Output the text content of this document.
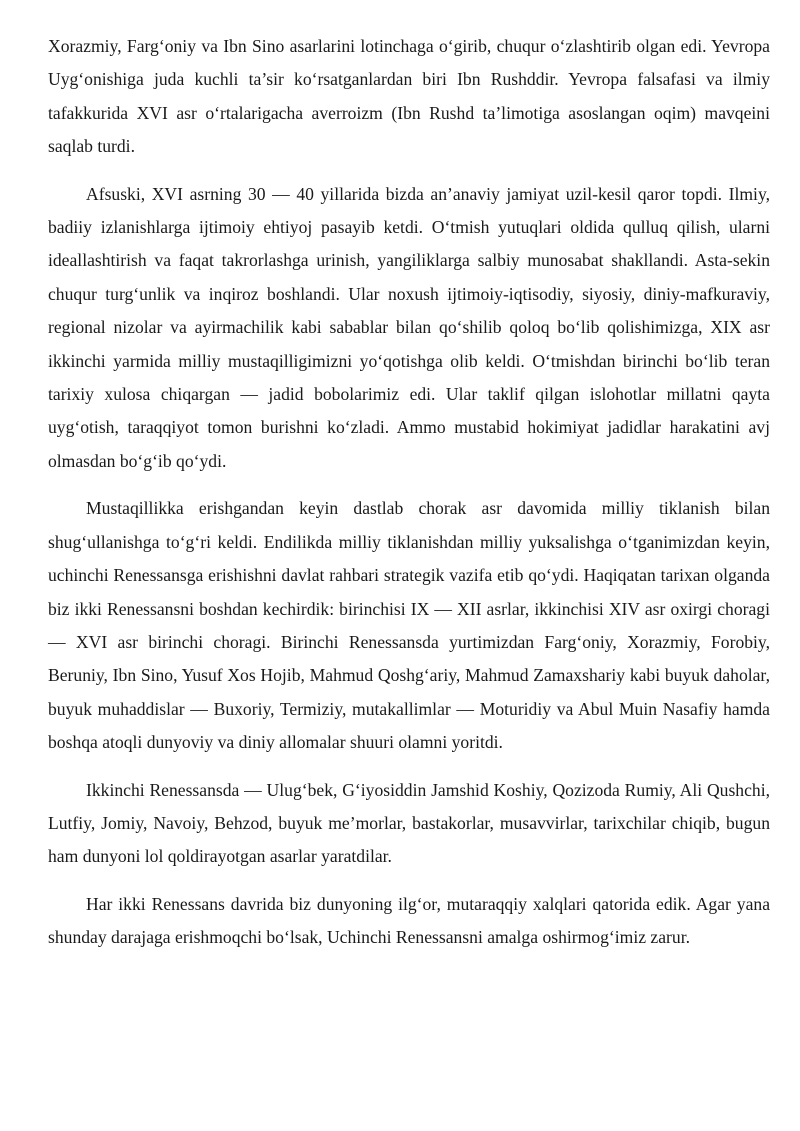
Xorazmiy, Farg‘oniy va Ibn Sino asarlarini lotinchaga o‘girib, chuqur o‘zlashtirib olgan edi. Yevropa Uyg‘onishiga juda kuchli ta’sir ko‘rsatganlardan biri Ibn Rushddir. Yevropa falsafasi va ilmiy tafakkurida XVI asr o‘rtalarigacha averroizm (Ibn Rushd ta’limotiga asoslangan oqim) mavqeini saqlab turdi.

Afsuski, XVI asrning 30 — 40 yillarida bizda an’anaviy jamiyat uzil-kesil qaror topdi. Ilmiy, badiiy izlanishlarga ijtimoiy ehtiyoj pasayib ketdi. O‘tmish yutuqlari oldida qulluq qilish, ularni ideallashtirish va faqat takrorlashga urinish, yangiliklarga salbiy munosabat shakllandi. Asta-sekin chuqur turg‘unlik va inqiroz boshlandi. Ular noxush ijtimoiy-iqtisodiy, siyosiy, diniy-mafkuraviy, regional nizolar va ayirmachilik kabi sabablar bilan qo‘shilib qoloq bo‘lib qolishimizga, XIX asr ikkinchi yarmida milliy mustaqilligimizni yo‘qotishga olib keldi. O‘tmishdan birinchi bo‘lib teran tarixiy xulosa chiqargan — jadid bobolarimiz edi. Ular taklif qilgan islohotlar millatni qayta uyg‘otish, taraqqiyot tomon burishni ko‘zladi. Ammo mustabid hokimiyat jadidlar harakatini avj olmasdan bo‘g‘ib qo‘ydi.

Mustaqillikka erishgandan keyin dastlab chorak asr davomida milliy tiklanish bilan shug‘ullanishga to‘g‘ri keldi. Endilikda milliy tiklanishdan milliy yuksalishga o‘tganimizdan keyin, uchinchi Renessansga erishishni davlat rahbari strategik vazifa etib qo‘ydi. Haqiqatan tarixan olganda biz ikki Renessansni boshdan kechirdik: birinchisi IX — XII asrlar, ikkinchisi XIV asr oxirgi choragi — XVI asr birinchi choragi. Birinchi Renessansda yurtimizdan Farg‘oniy, Xorazmiy, Forobiy, Beruniy, Ibn Sino, Yusuf Xos Hojib, Mahmud Qoshg‘ariy, Mahmud Zamaxshariy kabi buyuk daholar, buyuk muhaddislar — Buxoriy, Termiziy, mutakallimlar — Moturidiy va Abul Muin Nasafiy hamda boshqa atoqli dunyoviy va diniy allomalar shuuri olamni yoritdi.

Ikkinchi Renessansda — Ulug‘bek, G‘iyosiddin Jamshid Koshiy, Qozizoda Rumiy, Ali Qushchi, Lutfiy, Jomiy, Navoiy, Behzod, buyuk me’morlar, bastakorlar, musavvirlar, tarixchilar chiqib, bugun ham dunyoni lol qoldirayotgan asarlar yaratdilar.

Har ikki Renessans davrida biz dunyoning ilg‘or, mutaraqqiy xalqlari qatorida edik. Agar yana shunday darajaga erishmoqchi bo‘lsak, Uchinchi Renessansni amalga oshirmog‘imiz zarur.
